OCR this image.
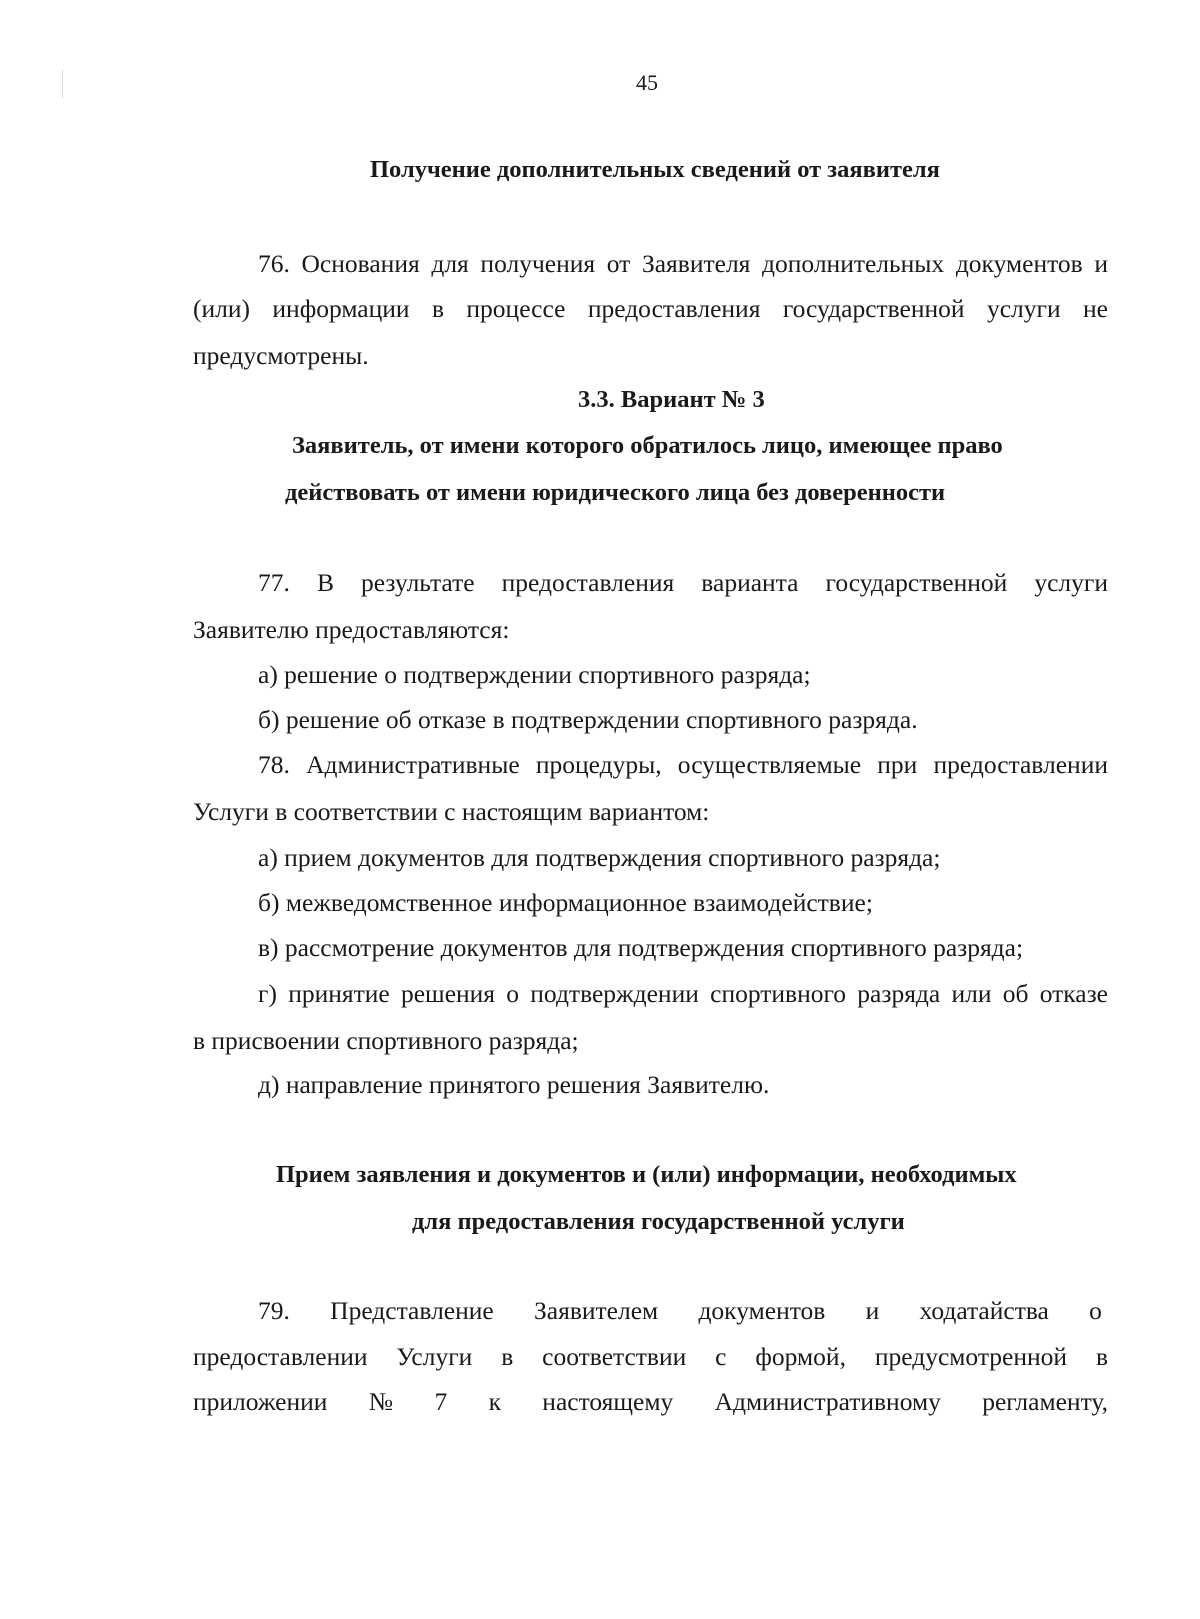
45
Получение дополнительных сведений от заявителя
76. Основания для получения от Заявителя дополнительных документов и
(или) информации в процессе предоставления государственной услуги не
предусмотрены.
3.3. Вариант № 3
Заявитель, от имени которого обратилось лицо, имеющее право
действовать от имени юридического лица без доверенности
77. В результате предоставления варианта государственной услуги
Заявителю предоставляются:
а) решение о подтверждении спортивного разряда;
б) решение об отказе в подтверждении спортивного разряда.
78. Административные процедуры, осуществляемые при предоставлении
Услуги в соответствии с настоящим вариантом:
а) прием документов для подтверждения спортивного разряда;
б) межведомственное информационное взаимодействие;
в) рассмотрение документов для подтверждения спортивного разряда;
г) принятие решения о подтверждении спортивного разряда или об отказе
в присвоении спортивного разряда;
д) направление принятого решения Заявителю.
Прием заявления и документов и (или) информации, необходимых
для предоставления государственной услуги
79. Представление Заявителем документов и ходатайства о
предоставлении Услуги в соответствии с формой, предусмотренной в
приложении № 7 к настоящему Административному регламенту,
